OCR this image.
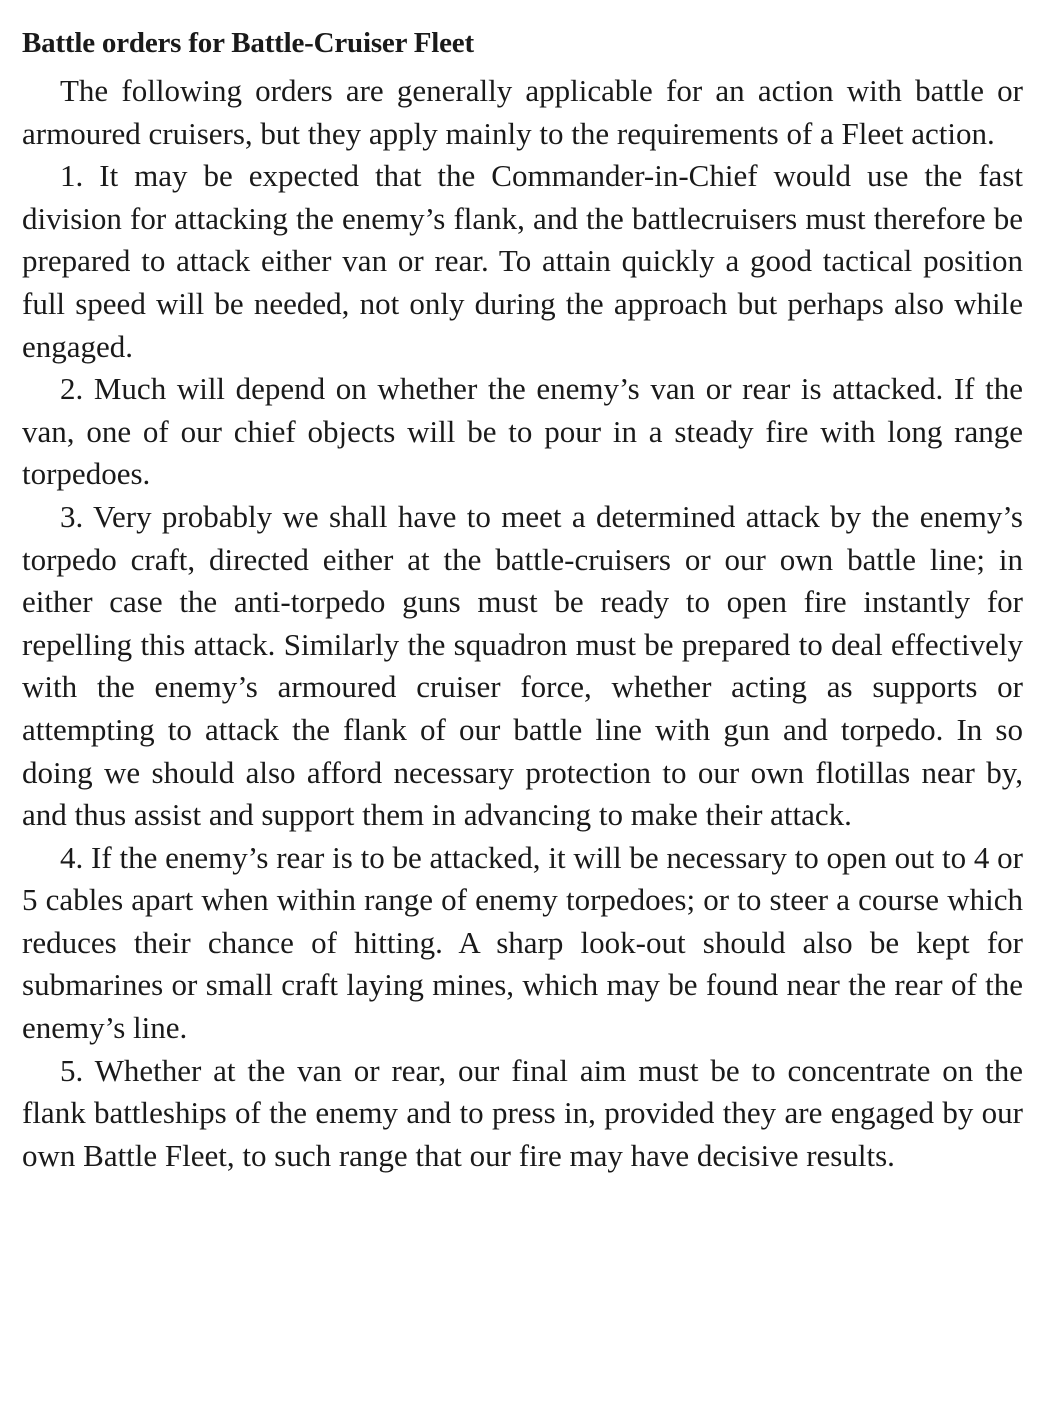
Battle orders for Battle-Cruiser Fleet

The following orders are generally applicable for an action with battle or armoured cruisers, but they apply mainly to the requirements of a Fleet action.

1. It may be expected that the Commander-in-Chief would use the fast division for attacking the enemy’s flank, and the battlecruisers must therefore be prepared to attack either van or rear. To attain quickly a good tactical position full speed will be needed, not only during the approach but perhaps also while engaged.

2. Much will depend on whether the enemy’s van or rear is attacked. If the van, one of our chief objects will be to pour in a steady fire with long range torpedoes.

3. Very probably we shall have to meet a determined attack by the enemy’s torpedo craft, directed either at the battle-cruisers or our own battle line; in either case the anti-torpedo guns must be ready to open fire instantly for repelling this attack. Similarly the squadron must be prepared to deal effectively with the enemy’s armoured cruiser force, whether acting as supports or attempting to attack the flank of our battle line with gun and torpedo. In so doing we should also afford necessary protection to our own flotillas near by, and thus assist and support them in advancing to make their attack.

4. If the enemy’s rear is to be attacked, it will be necessary to open out to 4 or 5 cables apart when within range of enemy torpedoes; or to steer a course which reduces their chance of hitting. A sharp look-out should also be kept for submarines or small craft laying mines, which may be found near the rear of the enemy’s line.

5. Whether at the van or rear, our final aim must be to concentrate on the flank battleships of the enemy and to press in, provided they are engaged by our own Battle Fleet, to such range that our fire may have decisive results.
